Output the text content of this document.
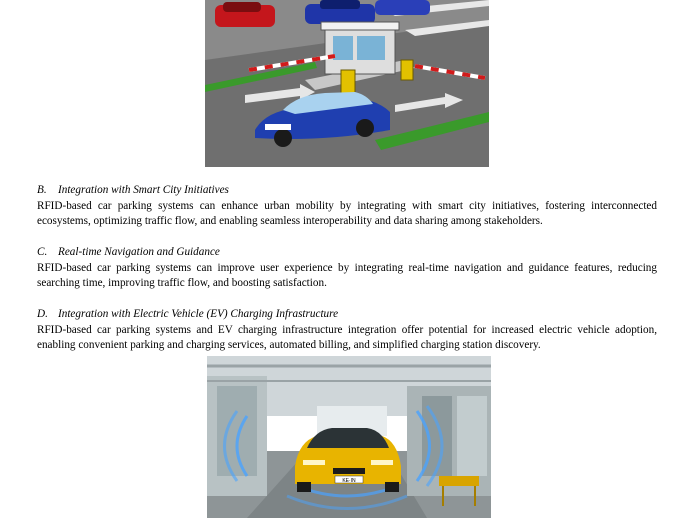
B. Integration with Smart City Initiatives
RFID-based car parking systems can enhance urban mobility by integrating with smart city initiatives, fostering interconnected ecosystems, optimizing traffic flow, and enabling seamless interoperability and data sharing among stakeholders.
C. Real-time Navigation and Guidance
RFID-based car parking systems can improve user experience by integrating real-time navigation and guidance features, reducing searching time, improving traffic flow, and boosting satisfaction.
D. Integration with Electric Vehicle (EV) Charging Infrastructure
RFID-based car parking systems and EV charging infrastructure integration offer potential for increased electric vehicle adoption, enabling convenient parking and charging services, automated billing, and simplified charging station discovery.
KE·IN
